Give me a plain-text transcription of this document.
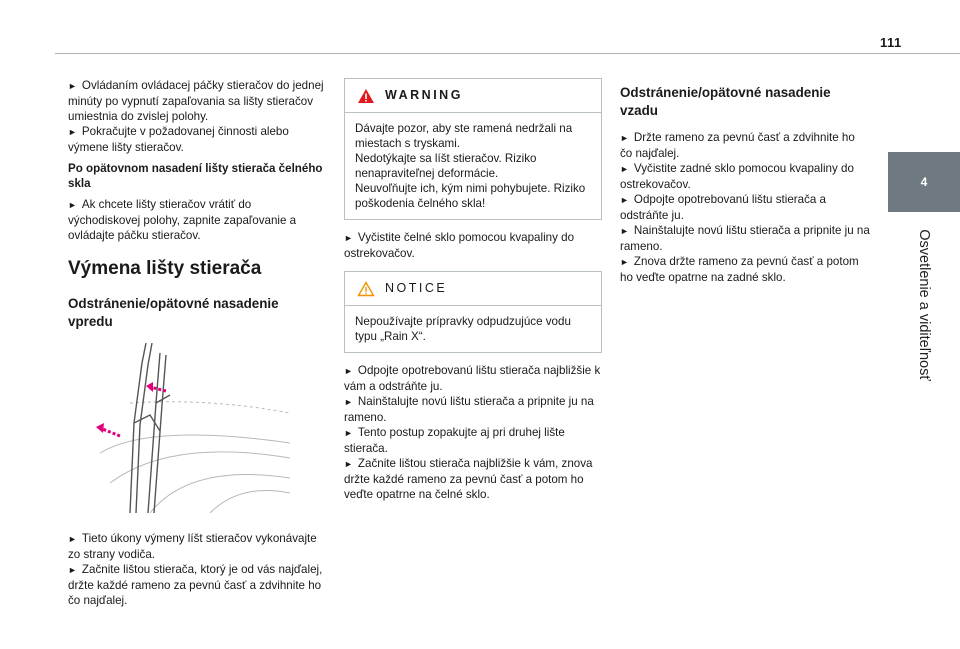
111
4
Osvetlenie a viditeľnosť

►  Ovládaním ovládacej páčky stieračov do jednej minúty po vypnutí zapaľovania sa lišty stieračov umiestnia do zvislej polohy.

►  Pokračujte v požadovanej činnosti alebo výmene lišty stieračov.

Po opätovnom nasadení lišty stierača čelného skla

►  Ak chcete lišty stieračov vrátiť do východiskovej polohy, zapnite zapaľovanie a ovládajte páčku stieračov.

Výmena lišty stierača
Odstránenie/opätovné nasadenie vpredu

►  Tieto úkony výmeny líšt stieračov vykonávajte zo strany vodiča.

►  Začnite lištou stierača, ktorý je od vás najďalej, držte každé rameno za pevnú časť a zdvihnite ho čo najďalej.

WARNING

Dávajte pozor, aby ste ramená nedržali na miestach s tryskami.

Nedotýkajte sa líšt stieračov. Riziko nenapraviteľnej deformácie.

Neuvoľňujte ich, kým nimi pohybujete. Riziko poškodenia čelného skla!

►  Vyčistite čelné sklo pomocou kvapaliny do ostrekovačov.

NOTICE

Nepoužívajte prípravky odpudzujúce vodu typu „Rain X“.

►  Odpojte opotrebovanú lištu stierača najbližšie k vám a odstráňte ju.

►  Nainštalujte novú lištu stierača a pripnite ju na rameno.

►  Tento postup zopakujte aj pri druhej lište stierača.

►  Začnite lištou stierača najbližšie k vám, znova držte každé rameno za pevnú časť a potom ho veďte opatrne na čelné sklo.

Odstránenie/opätovné nasadenie vzadu

►  Držte rameno za pevnú časť a zdvihnite ho čo najďalej.

►  Vyčistite zadné sklo pomocou kvapaliny do ostrekovačov.

►  Odpojte opotrebovanú lištu stierača a odstráňte ju.

►  Nainštalujte novú lištu stierača a pripnite ju na rameno.

►  Znova držte rameno za pevnú časť a potom ho veďte opatrne na zadné sklo.
